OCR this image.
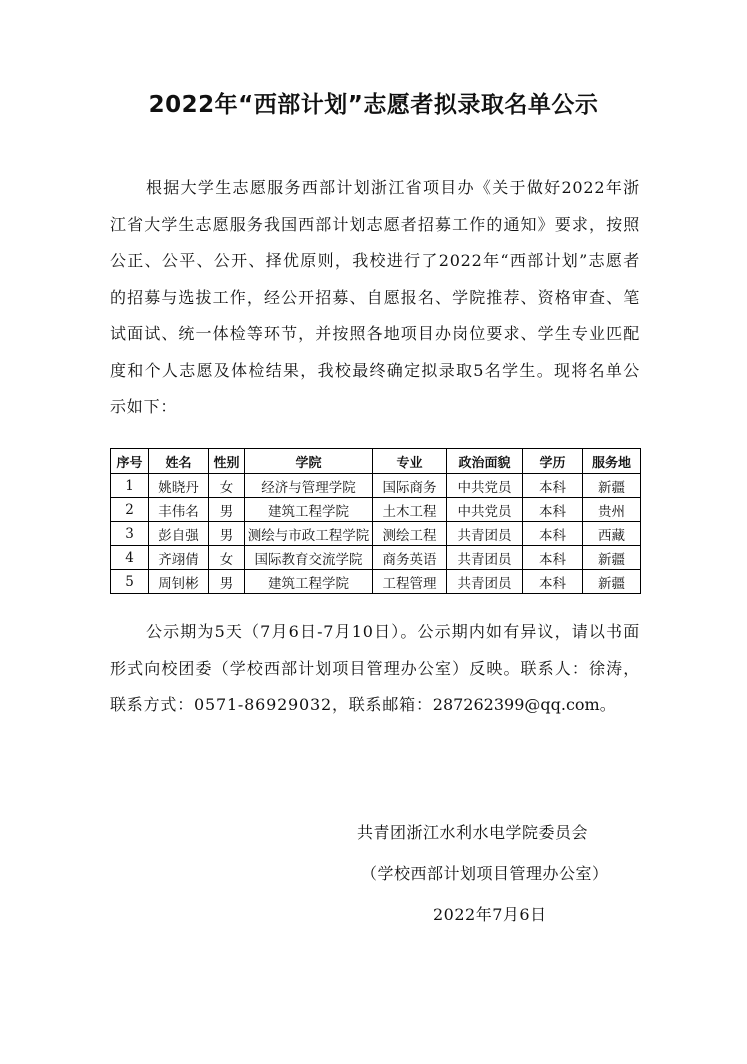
2022年“西部计划”志愿者拟录取名单公示

根据大学生志愿服务西部计划浙江省项目办《关于做好2022年浙江省大学生志愿服务我国西部计划志愿者招募工作的通知》要求，按照公正、公平、公开、择优原则，我校进行了2022年“西部计划”志愿者的招募与选拔工作，经公开招募、自愿报名、学院推荐、资格审查、笔试面试、统一体检等环节，并按照各地项目办岗位要求、学生专业匹配度和个人志愿及体检结果，我校最终确定拟录取5名学生。现将名单公示如下：

序号	姓名	性别	学院	专业	政治面貌	学历	服务地
1	姚晓丹	女	经济与管理学院	国际商务	中共党员	本科	新疆
2	丰伟名	男	建筑工程学院	土木工程	中共党员	本科	贵州
3	彭自强	男	测绘与市政工程学院	测绘工程	共青团员	本科	西藏
4	齐翊倩	女	国际教育交流学院	商务英语	共青团员	本科	新疆
5	周钊彬	男	建筑工程学院	工程管理	共青团员	本科	新疆

公示期为5天（7月6日-7月10日）。公示期内如有异议，请以书面形式向校团委（学校西部计划项目管理办公室）反映。联系人：徐涛，联系方式：0571-86929032，联系邮箱：287262399@qq.com。

共青团浙江水利水电学院委员会

（学校西部计划项目管理办公室）

2022年7月6日
